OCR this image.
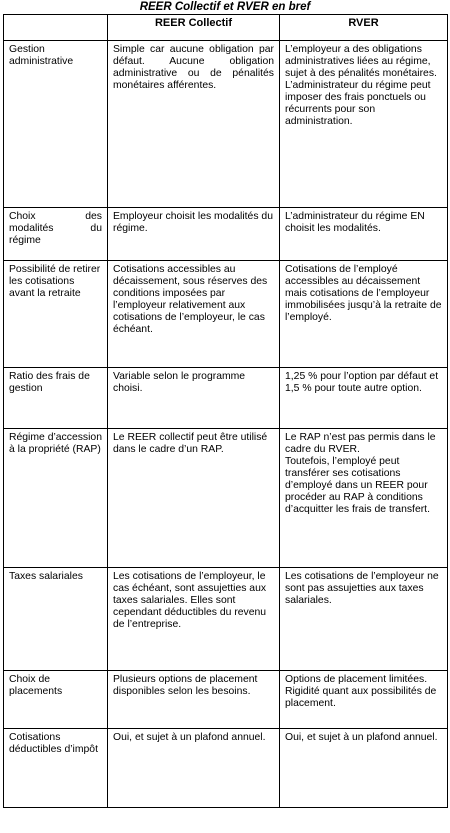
REER Collectif et RVER en bref
	REER Collectif	RVER
Gestion administrative	Simple car aucune obligation par défaut. Aucune obligation administrative ou de pénalités monétaires afférentes.	L’employeur a des obligations administratives liées au régime, sujet à des pénalités monétaires.
L’administrateur du régime peut imposer des frais ponctuels ou récurrents pour son administration.

Choix des modalités du régime	Employeur choisit les modalités du régime.	L’administrateur du régime EN choisit les modalités.

Possibilité de retirer les cotisations avant la retraite	Cotisations accessibles au décaissement, sous réserves des conditions imposées par l’employeur relativement aux cotisations de l’employeur, le cas échéant.	Cotisations de l’employé accessibles au décaissement mais cotisations de l’employeur immobilisées jusqu’à la retraite de l’employé.

Ratio des frais de gestion	Variable selon le programme choisi.	1,25 % pour l’option par défaut et 1,5 % pour toute autre option.

Régime d’accession à la propriété (RAP)	Le REER collectif peut être utilisé dans le cadre d’un RAP.	Le RAP n’est pas permis dans le cadre du RVER.
Toutefois, l’employé peut transférer ses cotisations d’employé dans un REER pour procéder au RAP à conditions d’acquitter les frais de transfert.

Taxes salariales	Les cotisations de l’employeur, le cas échéant, sont assujetties aux taxes salariales. Elles sont cependant déductibles du revenu de l’entreprise.	Les cotisations de l’employeur ne sont pas assujetties aux taxes salariales.

Choix de placements	Plusieurs options de placement disponibles selon les besoins.	Options de placement limitées.
Rigidité quant aux possibilités de placement.

Cotisations déductibles d’impôt	Oui, et sujet à un plafond annuel.	Oui, et sujet à un plafond annuel.
